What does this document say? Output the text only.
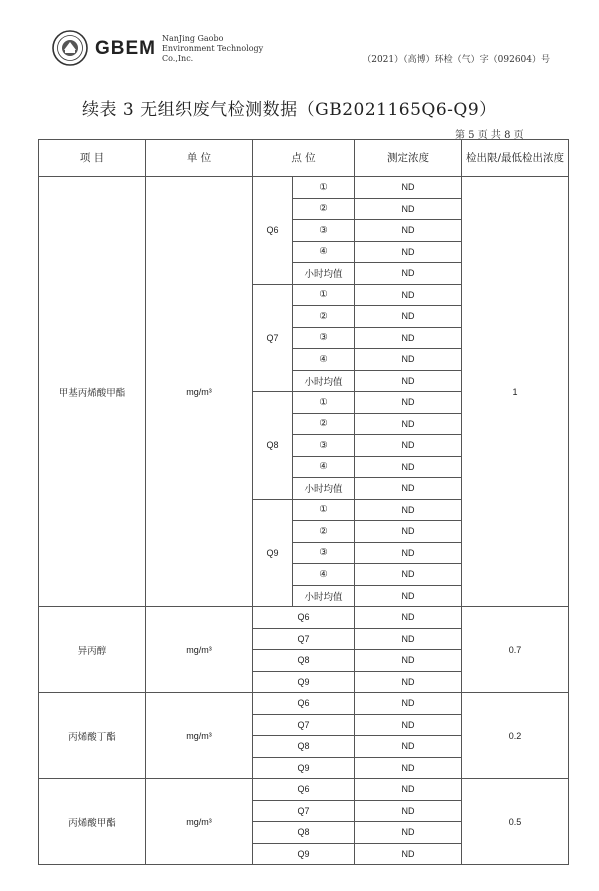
GBEM NanJing Gaobo
Environment Technology
Co.,Inc.	（2021）（高博）环检（气）字（092604）号
续表 3 无组织废气检测数据（GB2021165Q6-Q9）
第 5 页 共 8 页
项 目	单 位	点 位		测定浓度	检出限/最低检出浓度
甲基丙烯酸甲酯	mg/m³	Q6	①	ND	1
			②	ND	
			③	ND	
			④	ND	
			小时均值	ND	
		Q7	①	ND	
			②	ND	
			③	ND	
			④	ND	
			小时均值	ND	
		Q8	①	ND	
			②	ND	
			③	ND	
			④	ND	
			小时均值	ND	
		Q9	①	ND	
			②	ND	
			③	ND	
			④	ND	
			小时均值	ND	
异丙醇	mg/m³	Q6		ND	0.7
		Q7		ND	
		Q8		ND	
		Q9		ND	
丙烯酸丁酯	mg/m³	Q6		ND	0.2
		Q7		ND	
		Q8		ND	
		Q9		ND	
丙烯酸甲酯	mg/m³	Q6		ND	0.5
		Q7		ND	
		Q8		ND	
		Q9		ND	
